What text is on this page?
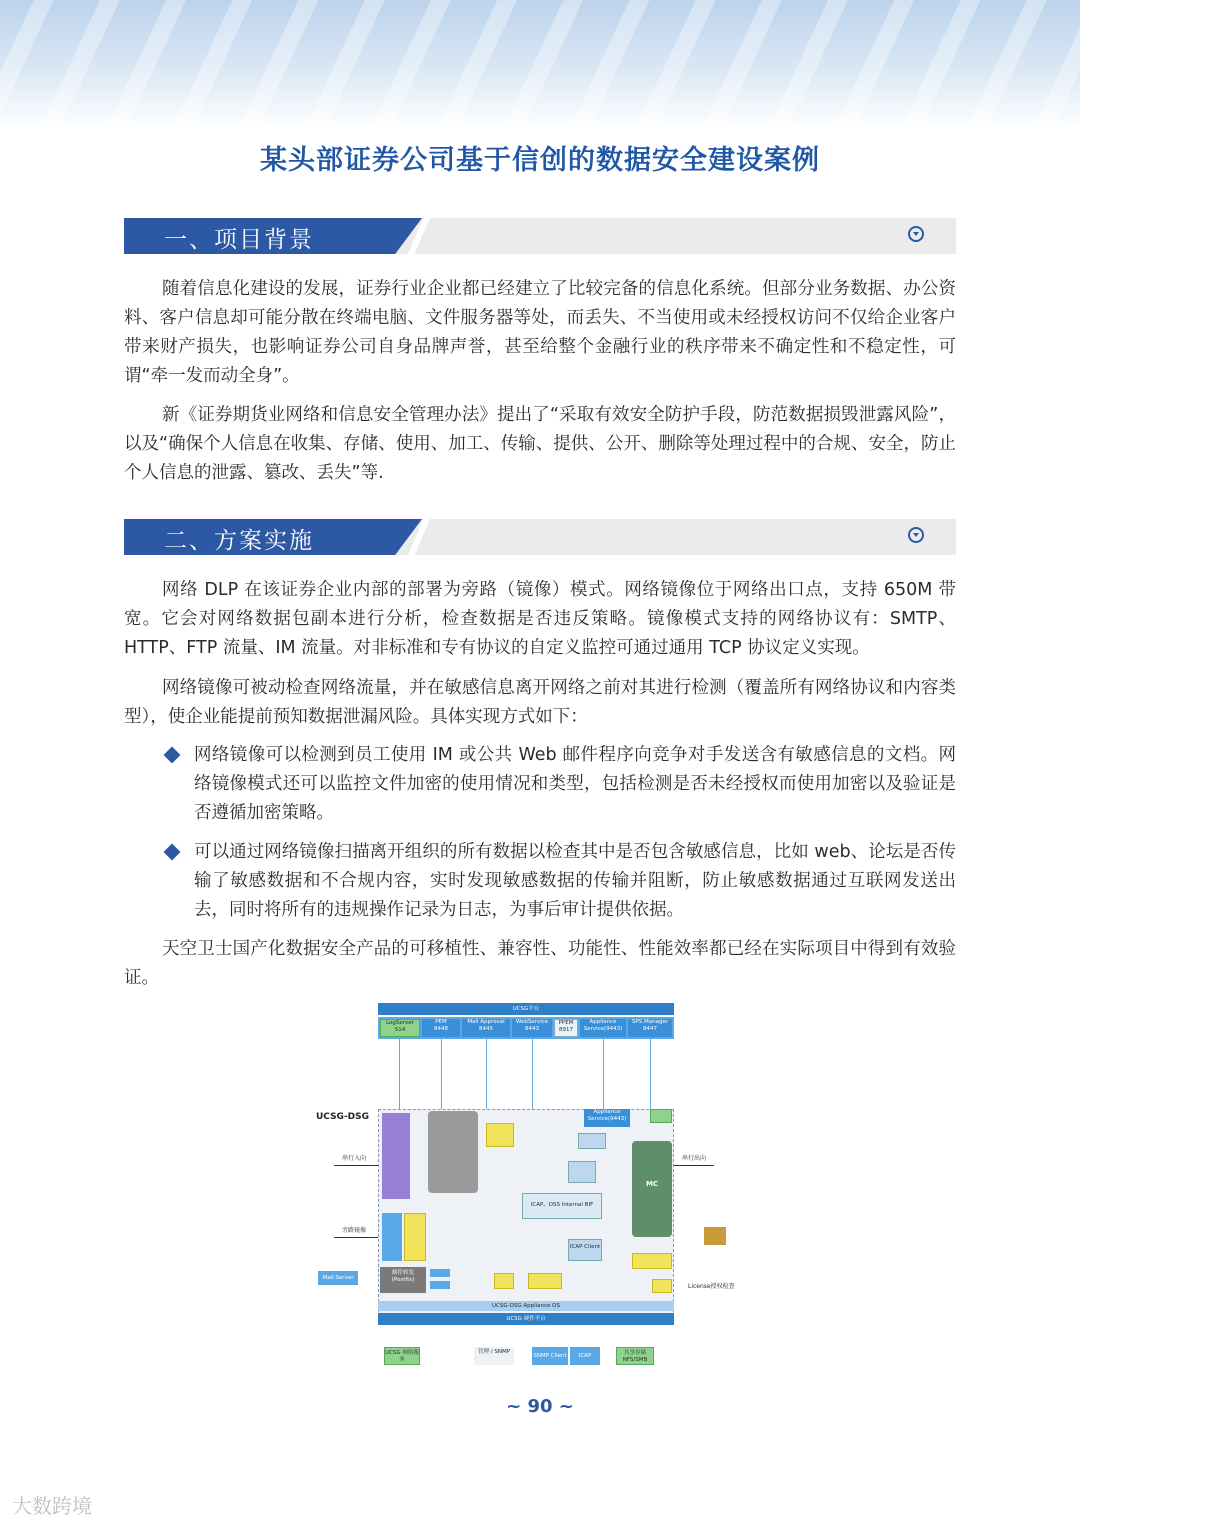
某头部证券公司基于信创的数据安全建设案例
一、项目背景

随着信息化建设的发展，证券行业企业都已经建立了比较完备的信息化系统。但部分业务数据、办公资料、客户信息却可能分散在终端电脑、文件服务器等处，而丢失、不当使用或未经授权访问不仅给企业客户带来财产损失，也影响证券公司自身品牌声誉，甚至给整个金融行业的秩序带来不确定性和不稳定性，可谓“牵一发而动全身”。

新《证券期货业网络和信息安全管理办法》提出了“采取有效安全防护手段，防范数据损毁泄露风险”，以及“确保个人信息在收集、存储、使用、加工、传输、提供、公开、删除等处理过程中的合规、安全，防止个人信息的泄露、篡改、丢失”等.

二、方案实施

网络 DLP 在该证券企业内部的部署为旁路（镜像）模式。网络镜像位于网络出口点，支持 650M 带宽。它会对网络数据包副本进行分析，检查数据是否违反策略。镜像模式支持的网络协议有：SMTP、HTTP、FTP 流量、IM 流量。对非标准和专有协议的自定义监控可通过通用 TCP 协议定义实现。

网络镜像可被动检查网络流量，并在敏感信息离开网络之前对其进行检测（覆盖所有网络协议和内容类型），使企业能提前预知数据泄漏风险。具体实现方式如下：

网络镜像可以检测到员工使用 IM 或公共 Web 邮件程序向竞争对手发送含有敏感信息的文档。网络镜像模式还可以监控文件加密的使用情况和类型，包括检测是否未经授权而使用加密以及验证是否遵循加密策略。

可以通过网络镜像扫描离开组织的所有数据以检查其中是否包含敏感信息，比如 web、论坛是否传输了敏感数据和不合规内容，实时发现敏感数据的传输并阻断，防止敏感数据通过互联网发送出去，同时将所有的违规操作记录为日志，为事后审计提供依据。

天空卫士国产化数据安全产品的可移植性、兼容性、功能性、性能效率都已经在实际项目中得到有效验证。

UCSG平台
LogServer
514
PEM
8448
Mail Approval
8445
WebService
8443
PPEM
8917
Appliance Service(9443)
SPS Manager
8447
UCSG-DSG	Appliance Service(9443)
MC
ICAP、DSS Internal BIF
ICAP Client
邮件转发 (Postfix)
UCSG-DSG Appliance OS
UCSG 硬件平台
串行入向	串行出向
旁路镜像
Mail Server
License授权检查
UCSG 网络服务
管理 / SNMP
SNMP Client	ICAP Client
共享存储 NFS/SMB
~ 90 ~
大数跨境
